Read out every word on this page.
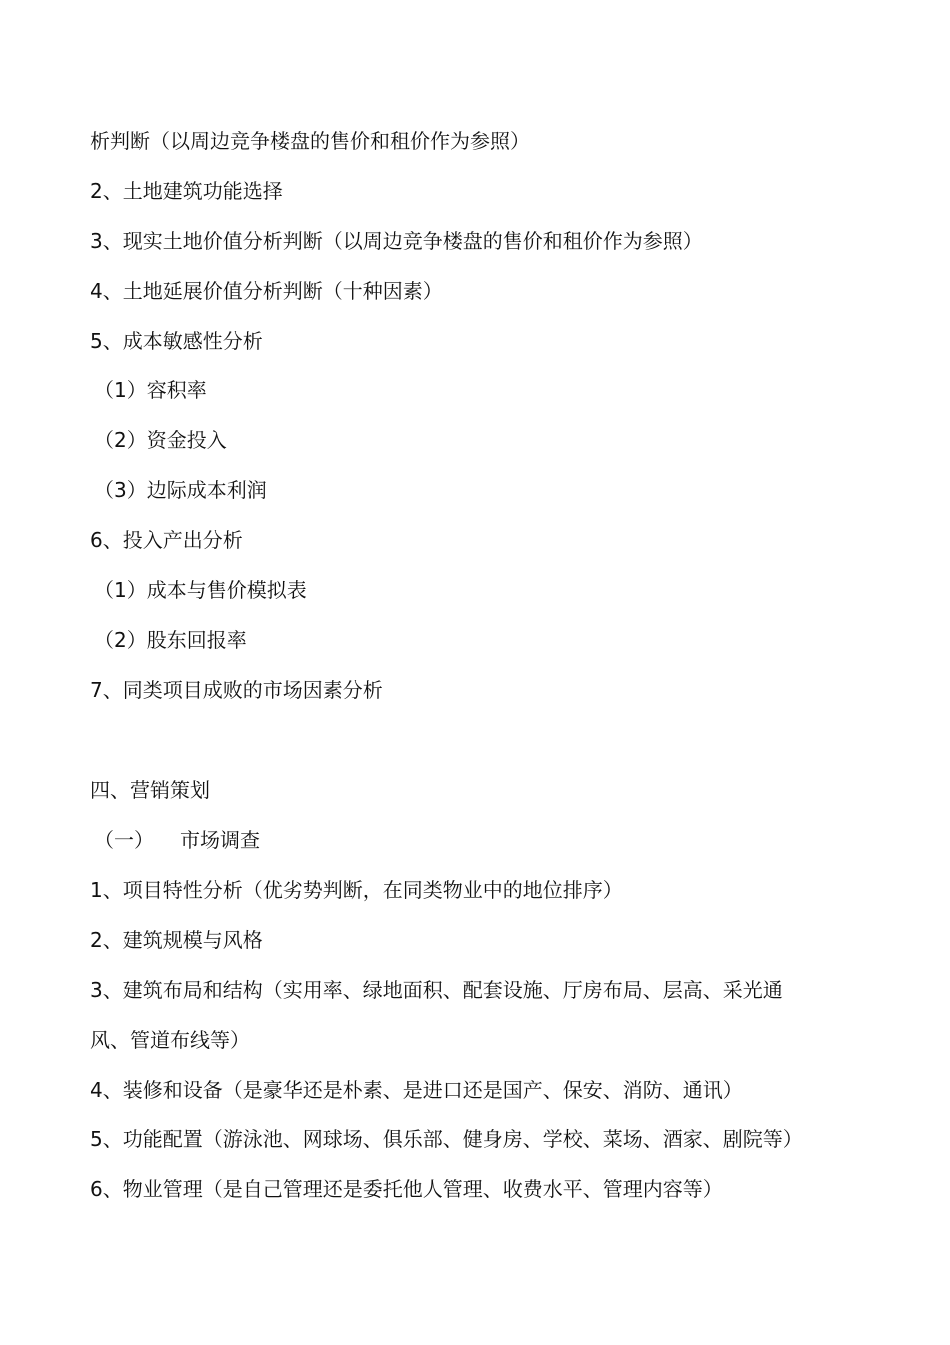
析判断（以周边竞争楼盘的售价和租价作为参照）

2、土地建筑功能选择

3、现实土地价值分析判断（以周边竞争楼盘的售价和租价作为参照）

4、土地延展价值分析判断（十种因素）

5、成本敏感性分析

（1）容积率

（2）资金投入

（3）边际成本利润

6、投入产出分析

（1）成本与售价模拟表

（2）股东回报率

7、同类项目成败的市场因素分析

四、营销策划

（一） 市场调查

1、项目特性分析（优劣势判断，在同类物业中的地位排序）

2、建筑规模与风格

3、建筑布局和结构（实用率、绿地面积、配套设施、厅房布局、层高、采光通

风、管道布线等）

4、装修和设备（是豪华还是朴素、是进口还是国产、保安、消防、通讯）

5、功能配置（游泳池、网球场、俱乐部、健身房、学校、菜场、酒家、剧院等）

6、物业管理（是自己管理还是委托他人管理、收费水平、管理内容等）
